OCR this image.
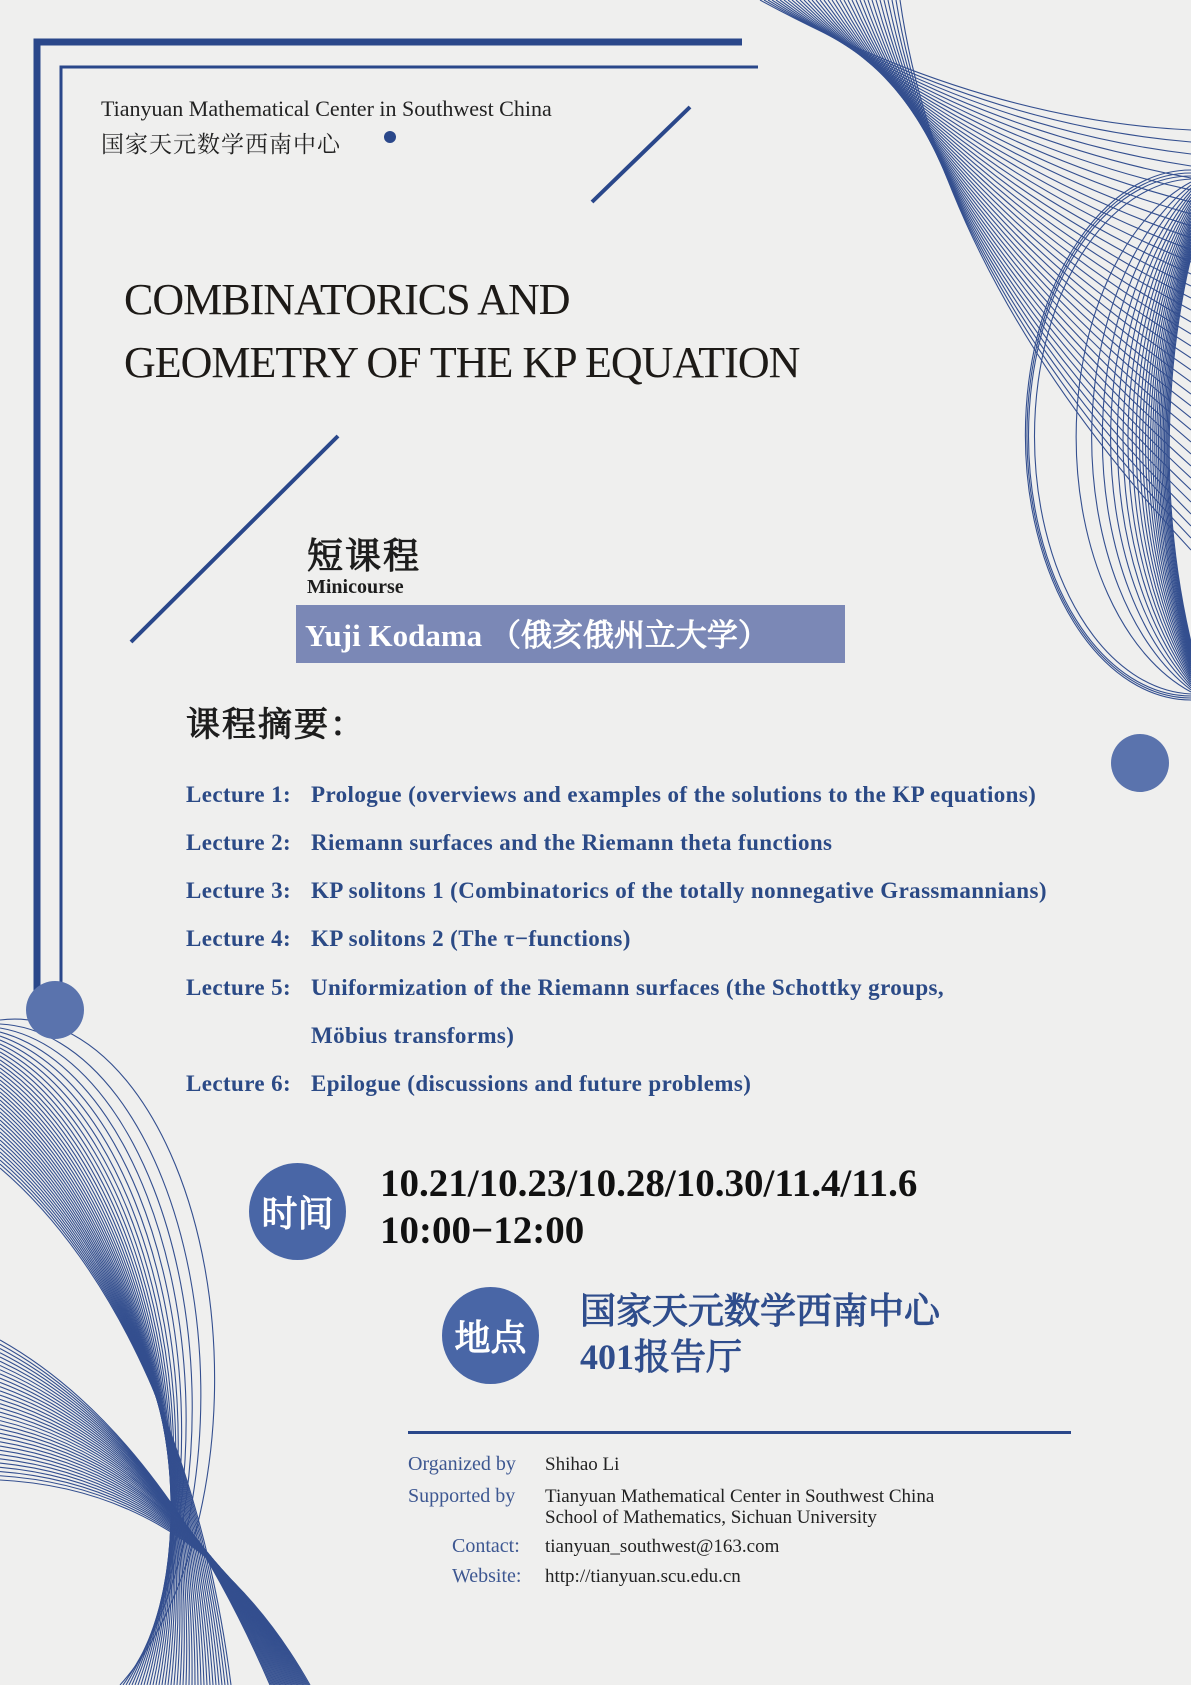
Tianyuan Mathematical Center in Southwest China
国家天元数学西南中心
COMBINATORICS AND
GEOMETRY OF THE KP EQUATION
短课程
Minicourse
Yuji Kodama （俄亥俄州立大学）
课程摘要：
Lecture 1: Prologue (overviews and examples of the solutions to the KP equations)
Lecture 2: Riemann surfaces and the Riemann theta functions
Lecture 3: KP solitons 1 (Combinatorics of the totally nonnegative Grassmannians)
Lecture 4: KP solitons 2 (The τ−functions)
Lecture 5: Uniformization of the Riemann surfaces (the Schottky groups,
Möbius transforms)
Lecture 6: Epilogue (discussions and future problems)
时间
10.21/10.23/10.28/10.30/11.4/11.6
10:00−12:00
地点
国家天元数学西南中心
401报告厅
Organized by Shihao Li
Supported by Tianyuan Mathematical Center in Southwest China
School of Mathematics, Sichuan University
Contact: tianyuan_southwest@163.com
Website: http://tianyuan.scu.edu.cn
